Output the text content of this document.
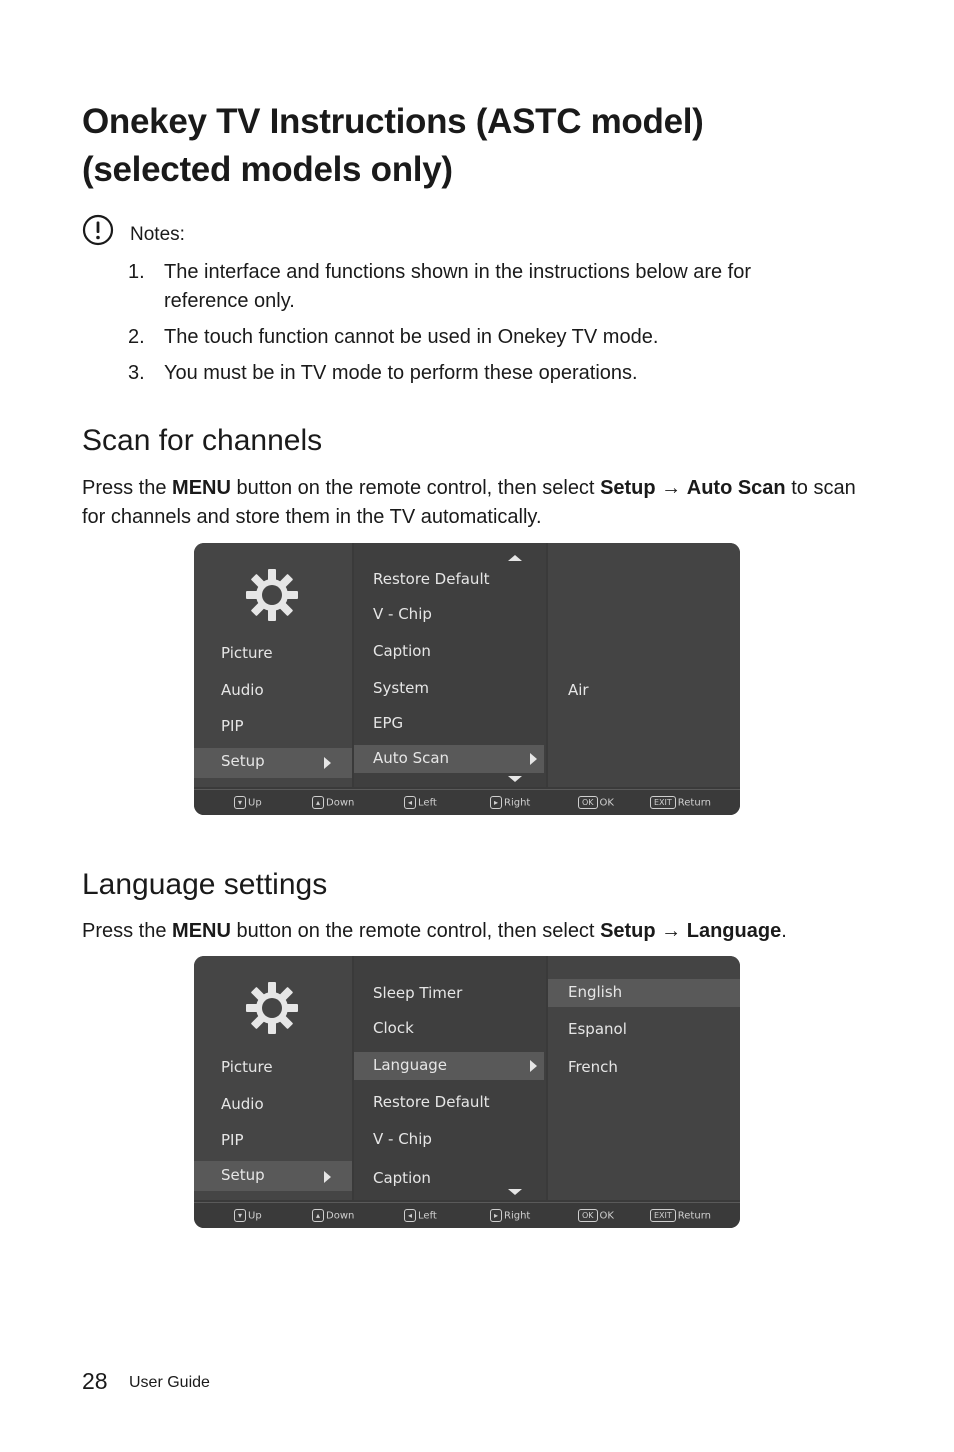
Onekey TV Instructions (ASTC model)
(selected models only)
Notes:
1. The interface and functions shown in the instructions below are for reference only.
2. The touch function cannot be used in Onekey TV mode.
3. You must be in TV mode to perform these operations.
Scan for channels

Press the MENU button on the remote control, then select Setup → Auto Scan to scan for channels and store them in the TV automatically.

Picture
Audio
PIP
Setup
Restore Default
V - Chip
Caption
System
EPG
Auto Scan
Air
▾ Up	▴ Down	◂ Left	▸ Right	OK OK	EXIT Return
Language settings

Press the MENU button on the remote control, then select Setup → Language.

Picture
Audio
PIP
Setup
Sleep Timer
Clock
Language
Restore Default
V - Chip
Caption
English
Espanol
French
▾ Up	▴ Down	◂ Left	▸ Right	OK OK	EXIT Return
28 User Guide
